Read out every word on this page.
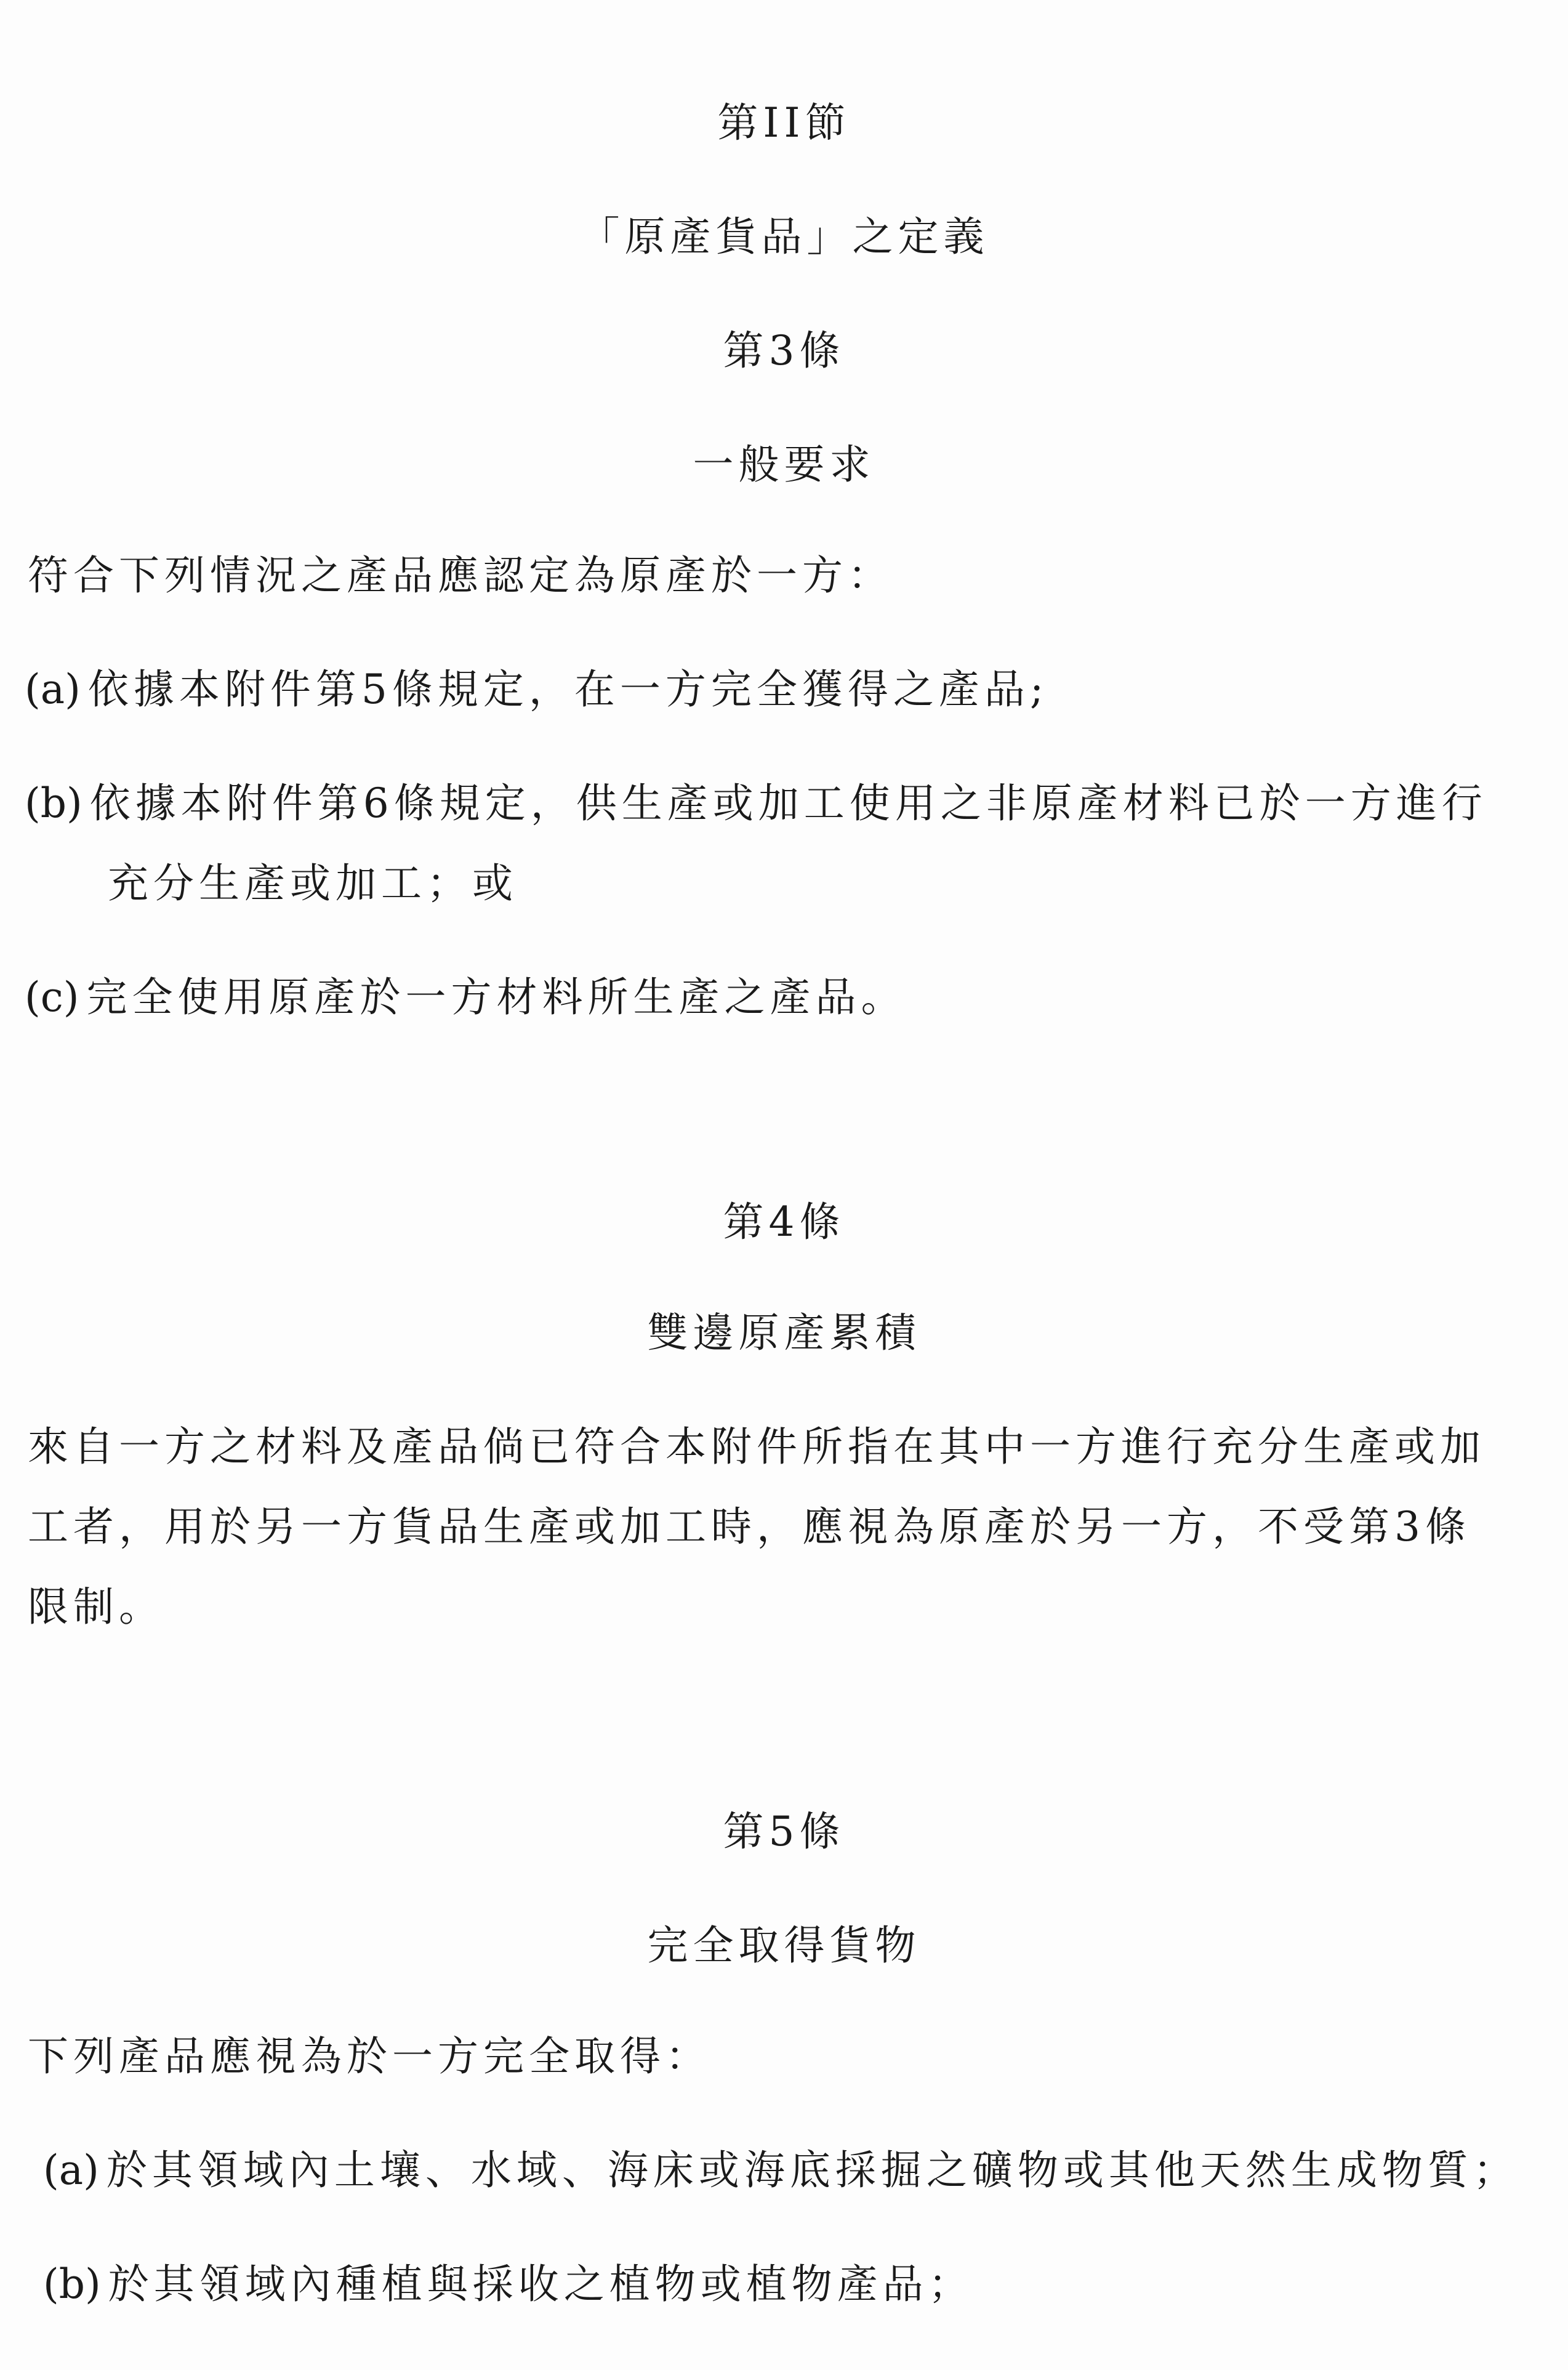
第II節
「原產貨品」之定義
第3條
一般要求
符合下列情況之產品應認定為原產於一方：
(a) 依據本附件第5條規定，在一方完全獲得之產品;
(b) 依據本附件第6條規定，供生產或加工使用之非原產材料已於一方進行
充分生產或加工；或
(c) 完全使用原產於一方材料所生產之產品。
第4條
雙邊原產累積
來自一方之材料及產品倘已符合本附件所指在其中一方進行充分生產或加
工者，用於另一方貨品生產或加工時，應視為原產於另一方，不受第3條
限制。
第5條
完全取得貨物
下列產品應視為於一方完全取得：
(a) 於其領域內土壤、水域、海床或海底採掘之礦物或其他天然生成物質；
(b) 於其領域內種植與採收之植物或植物產品；
